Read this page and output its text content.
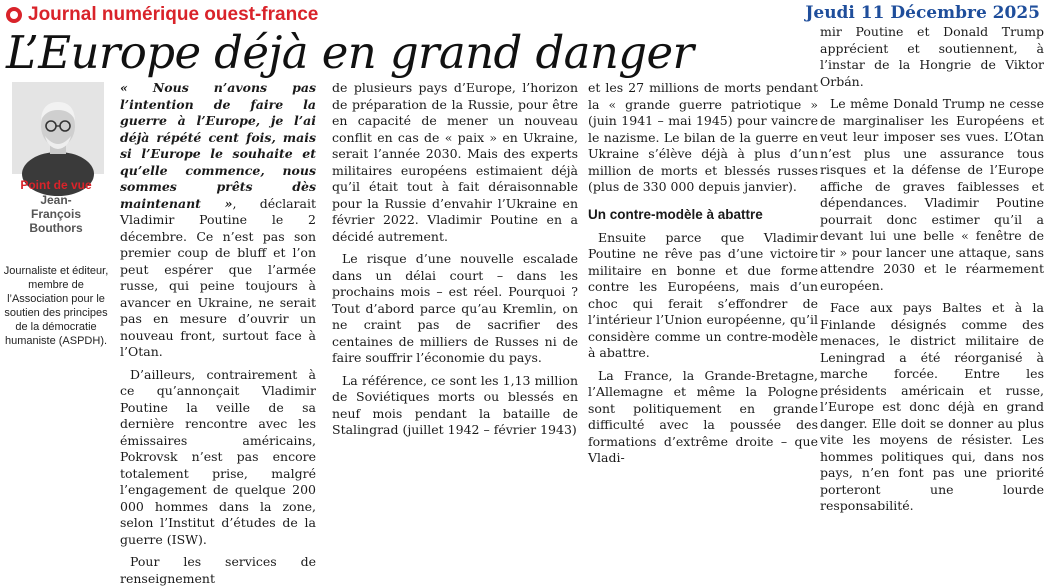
Journal numérique ouest-france	Jeudi 11 Décembre 2025
L’Europe déjà en grand danger
Point de vue
Jean-
François
Bouthors
Journaliste et éditeur, membre de l’Association pour le soutien des principes de la démocratie humaniste (ASPDH).

« Nous n’avons pas l’intention de faire la guerre à l’Europe, je l’ai déjà répété cent fois, mais si l’Europe le souhaite et qu’elle commence, nous sommes prêts dès maintenant », déclarait Vladimir Poutine le 2 décembre. Ce n’est pas son premier coup de bluff et l’on peut espérer que l’armée russe, qui peine toujours à avancer en Ukraine, ne serait pas en mesure d’ouvrir un nouveau front, surtout face à l’Otan.

D’ailleurs, contrairement à ce qu’annonçait Vladimir Poutine la veille de sa dernière rencontre avec les émissaires américains, Pokrovsk n’est pas encore totalement prise, malgré l’engagement de quelque 200 000 hommes dans la zone, selon l’Institut d’études de la guerre (ISW).

Pour les services de renseignement

de plusieurs pays d’Europe, l’horizon de préparation de la Russie, pour être en capacité de mener un nouveau conflit en cas de « paix » en Ukraine, serait l’année 2030. Mais des experts militaires européens estimaient déjà qu’il était tout à fait déraisonnable pour la Russie d’envahir l’Ukraine en février 2022. Vladimir Poutine en a décidé autrement.

Le risque d’une nouvelle escalade dans un délai court – dans les prochains mois – est réel. Pourquoi ? Tout d’abord parce qu’au Kremlin, on ne craint pas de sacrifier des centaines de milliers de Russes ni de faire souffrir l’économie du pays.

La référence, ce sont les 1,13 million de Soviétiques morts ou blessés en neuf mois pendant la bataille de Stalingrad (juillet 1942 – février 1943)

et les 27 millions de morts pendant la « grande guerre patriotique » (juin 1941 – mai 1945) pour vaincre le nazisme. Le bilan de la guerre en Ukraine s’élève déjà à plus d’un million de morts et blessés russes (plus de 330 000 depuis janvier).

Un contre-modèle à abattre

Ensuite parce que Vladimir Poutine ne rêve pas d’une victoire militaire en bonne et due forme contre les Européens, mais d’un choc qui ferait s’effondrer de l’intérieur l’Union européenne, qu’il considère comme un contre-modèle à abattre.

La France, la Grande-Bretagne, l’Allemagne et même la Pologne sont politiquement en grande difficulté avec la poussée des formations d’extrême droite – que Vladi-

mir Poutine et Donald Trump apprécient et soutiennent, à l’instar de la Hongrie de Viktor Orbán.

Le même Donald Trump ne cesse de marginaliser les Européens et veut leur imposer ses vues. L’Otan n’est plus une assurance tous risques et la défense de l’Europe affiche de graves faiblesses et dépendances. Vladimir Poutine pourrait donc estimer qu’il a devant lui une belle « fenêtre de tir » pour lancer une attaque, sans attendre 2030 et le réarmement européen.

Face aux pays Baltes et à la Finlande désignés comme des menaces, le district militaire de Leningrad a été réorganisé à marche forcée. Entre les présidents américain et russe, l’Europe est donc déjà en grand danger. Elle doit se donner au plus vite les moyens de résister. Les hommes politiques qui, dans nos pays, n’en font pas une priorité porteront une lourde responsabilité.
